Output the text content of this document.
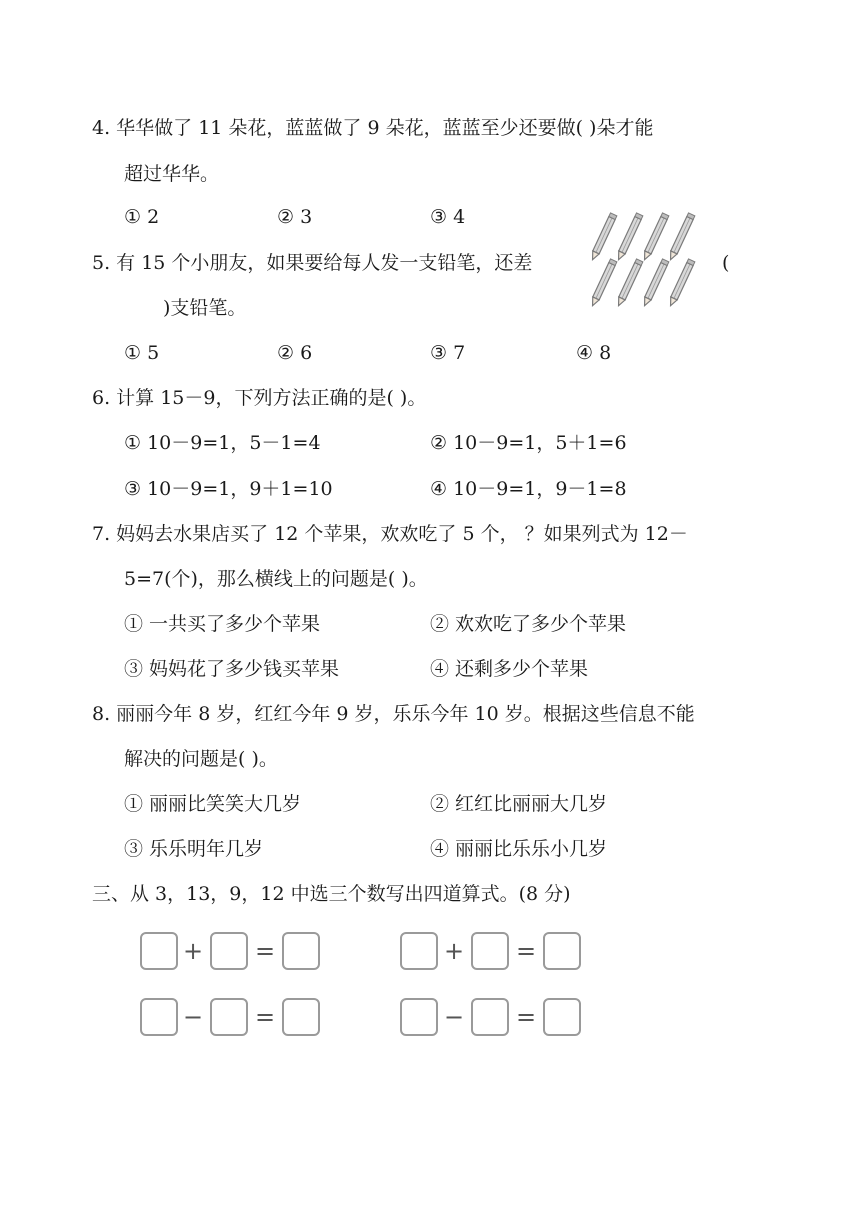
4. 华华做了 11 朵花，蓝蓝做了 9 朵花，蓝蓝至少还要做( )朵才能
超过华华。
① 2	② 3	③ 4
5. 有 15 个小朋友，如果要给每人发一支铅笔，还差	(
)支铅笔。
① 5	② 6	③ 7	④ 8
6. 计算 15－9，下列方法正确的是( )。
① 10－9=1，5－1=4	② 10－9=1，5＋1=6
③ 10－9=1，9＋1=10	④ 10－9=1，9－1=8
7. 妈妈去水果店买了 12 个苹果，欢欢吃了 5 个， ？如果列式为 12－
5=7(个)，那么横线上的问题是( )。
① 一共买了多少个苹果	② 欢欢吃了多少个苹果
③ 妈妈花了多少钱买苹果	④ 还剩多少个苹果
8. 丽丽今年 8 岁，红红今年 9 岁，乐乐今年 10 岁。根据这些信息不能
解决的问题是( )。
① 丽丽比笑笑大几岁	② 红红比丽丽大几岁
③ 乐乐明年几岁	④ 丽丽比乐乐小几岁
三、从 3，13，9，12 中选三个数写出四道算式。(8 分)
+ =	+ =
− =	− =
